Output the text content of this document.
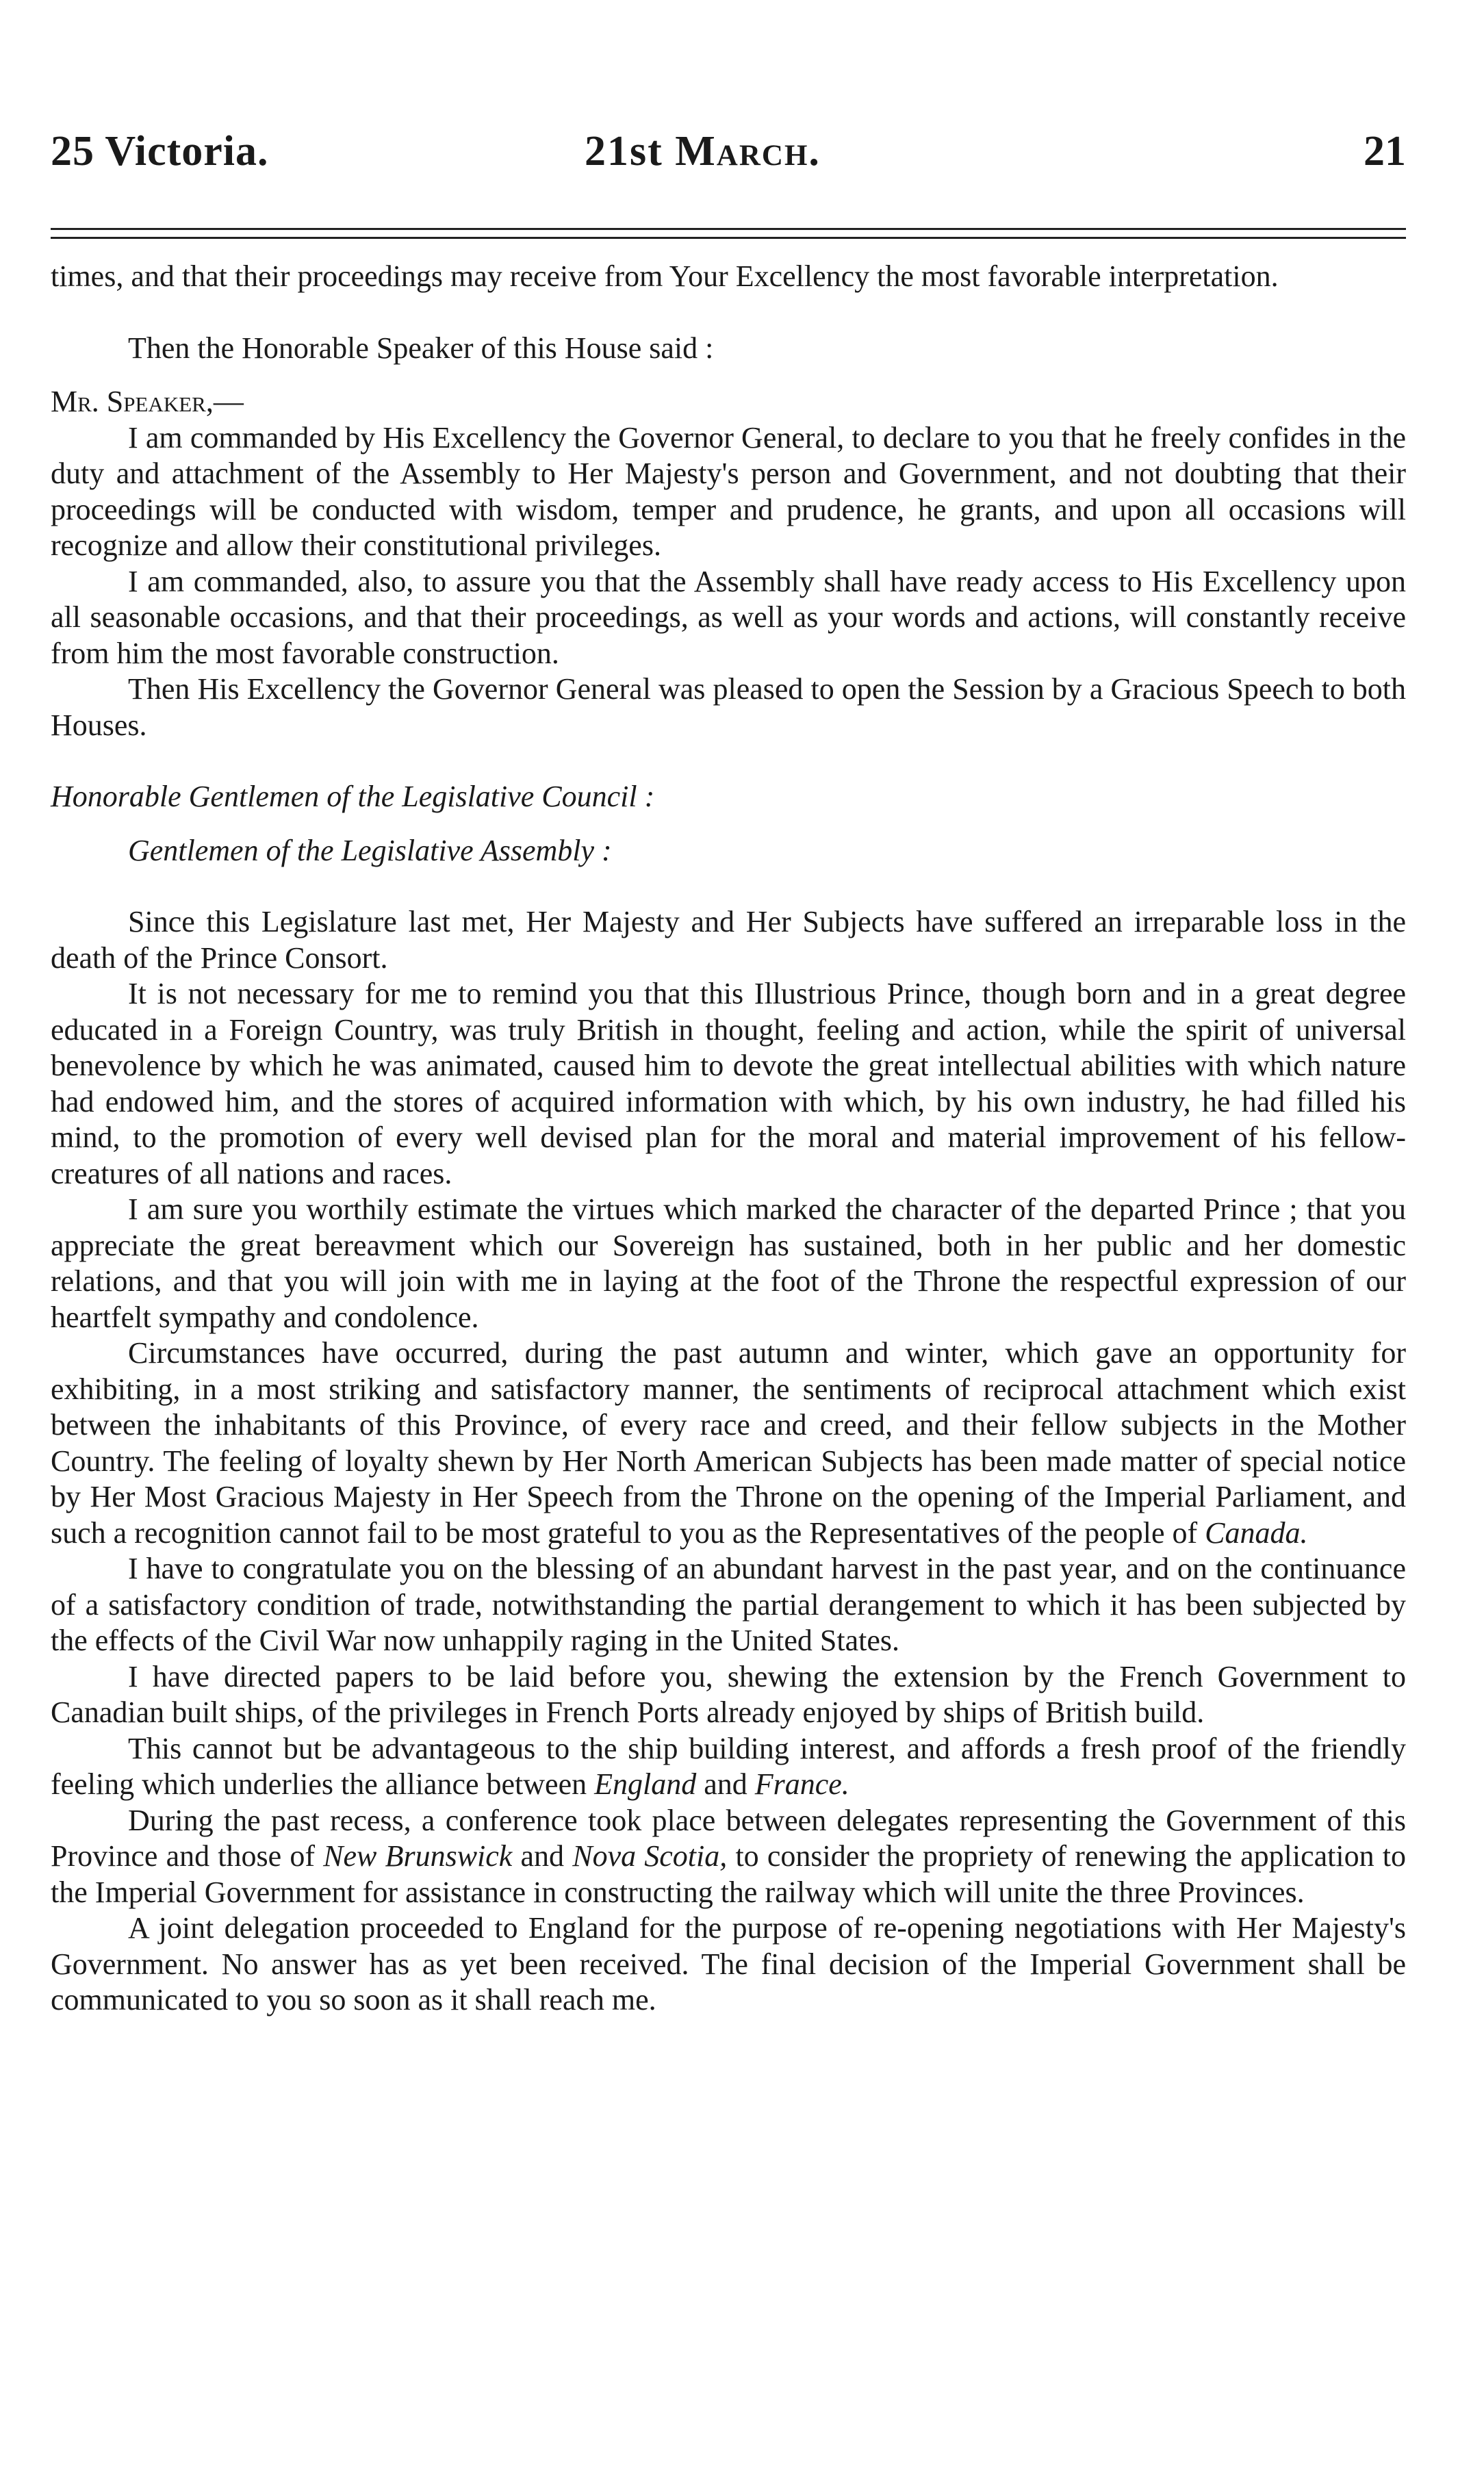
25 Victoria.	21st March.	21

times, and that their proceedings may receive from Your Excellency the most favorable interpretation.

Then the Honorable Speaker of this House said :

Mr. Speaker,—

I am commanded by His Excellency the Governor General, to declare to you that he freely confides in the duty and attachment of the Assembly to Her Majesty's person and Government, and not doubting that their proceedings will be conducted with wisdom, temper and prudence, he grants, and upon all occasions will recognize and allow their constitutional privileges.

I am commanded, also, to assure you that the Assembly shall have ready access to His Excellency upon all seasonable occasions, and that their proceedings, as well as your words and actions, will constantly receive from him the most favorable construction.

Then His Excellency the Governor General was pleased to open the Session by a Gracious Speech to both Houses.

Honorable Gentlemen of the Legislative Council :

Gentlemen of the Legislative Assembly :

Since this Legislature last met, Her Majesty and Her Subjects have suffered an irreparable loss in the death of the Prince Consort.

It is not necessary for me to remind you that this Illustrious Prince, though born and in a great degree educated in a Foreign Country, was truly British in thought, feeling and action, while the spirit of universal benevolence by which he was animated, caused him to devote the great intellectual abilities with which nature had endowed him, and the stores of acquired information with which, by his own industry, he had filled his mind, to the promotion of every well devised plan for the moral and material improvement of his fellow-creatures of all nations and races.

I am sure you worthily estimate the virtues which marked the character of the departed Prince ; that you appreciate the great bereavment which our Sovereign has sustained, both in her public and her domestic relations, and that you will join with me in laying at the foot of the Throne the respectful expression of our heartfelt sympathy and condolence.

Circumstances have occurred, during the past autumn and winter, which gave an opportunity for exhibiting, in a most striking and satisfactory manner, the sentiments of reciprocal attachment which exist between the inhabitants of this Province, of every race and creed, and their fellow subjects in the Mother Country. The feeling of loyalty shewn by Her North American Subjects has been made matter of special notice by Her Most Gracious Majesty in Her Speech from the Throne on the opening of the Imperial Parliament, and such a recognition cannot fail to be most grateful to you as the Representatives of the people of Canada.

I have to congratulate you on the blessing of an abundant harvest in the past year, and on the continuance of a satisfactory condition of trade, notwithstanding the partial derangement to which it has been subjected by the effects of the Civil War now unhappily raging in the United States.

I have directed papers to be laid before you, shewing the extension by the French Government to Canadian built ships, of the privileges in French Ports already enjoyed by ships of British build.

This cannot but be advantageous to the ship building interest, and affords a fresh proof of the friendly feeling which underlies the alliance between England and France.

During the past recess, a conference took place between delegates representing the Government of this Province and those of New Brunswick and Nova Scotia, to consider the propriety of renewing the application to the Imperial Government for assistance in constructing the railway which will unite the three Provinces.

A joint delegation proceeded to England for the purpose of re-opening negotiations with Her Majesty's Government. No answer has as yet been received. The final decision of the Imperial Government shall be communicated to you so soon as it shall reach me.
